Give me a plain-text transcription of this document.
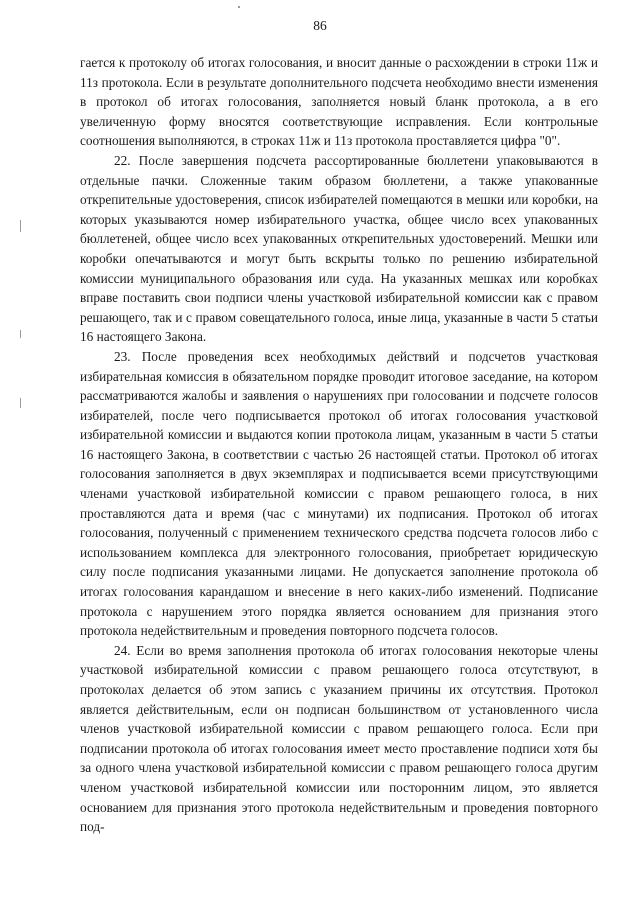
86

гается к протоколу об итогах голосования, и вносит данные о расхождении в строки 11ж и 11з протокола. Если в результате дополнительного подсчета необходимо внести изменения в протокол об итогах голосования, заполняется новый бланк протокола, а в его увеличенную форму вносятся соответствующие исправления. Если контрольные соотношения выполняются, в строках 11ж и 11з протокола проставляется цифра "0".

22. После завершения подсчета рассортированные бюллетени упаковываются в отдельные пачки. Сложенные таким образом бюллетени, а также упакованные открепительные удостоверения, список избирателей помещаются в мешки или коробки, на которых указываются номер избирательного участка, общее число всех упакованных бюллетеней, общее число всех упакованных открепительных удостоверений. Мешки или коробки опечатываются и могут быть вскрыты только по решению избирательной комиссии муниципального образования или суда. На указанных мешках или коробках вправе поставить свои подписи члены участковой избирательной комиссии как с правом решающего, так и с правом совещательного голоса, иные лица, указанные в части 5 статьи 16 настоящего Закона.

23. После проведения всех необходимых действий и подсчетов участковая избирательная комиссия в обязательном порядке проводит итоговое заседание, на котором рассматриваются жалобы и заявления о нарушениях при голосовании и подсчете голосов избирателей, после чего подписывается протокол об итогах голосования участковой избирательной комиссии и выдаются копии протокола лицам, указанным в части 5 статьи 16 настоящего Закона, в соответствии с частью 26 настоящей статьи. Протокол об итогах голосования заполняется в двух экземплярах и подписывается всеми присутствующими членами участковой избирательной комиссии с правом решающего голоса, в них проставляются дата и время (час с минутами) их подписания. Протокол об итогах голосования, полученный с применением технического средства подсчета голосов либо с использованием комплекса для электронного голосования, приобретает юридическую силу после подписания указанными лицами. Не допускается заполнение протокола об итогах голосования карандашом и внесение в него каких-либо изменений. Подписание протокола с нарушением этого порядка является основанием для признания этого протокола недействительным и проведения повторного подсчета голосов.

24. Если во время заполнения протокола об итогах голосования некоторые члены участковой избирательной комиссии с правом решающего голоса отсутствуют, в протоколах делается об этом запись с указанием причины их отсутствия. Протокол является действительным, если он подписан большинством от установленного числа членов участковой избирательной комиссии с правом решающего голоса. Если при подписании протокола об итогах голосования имеет место проставление подписи хотя бы за одного члена участковой избирательной комиссии с правом решающего голоса другим членом участковой избирательной комиссии или посторонним лицом, это является основанием для признания этого протокола недействительным и проведения повторного под-
